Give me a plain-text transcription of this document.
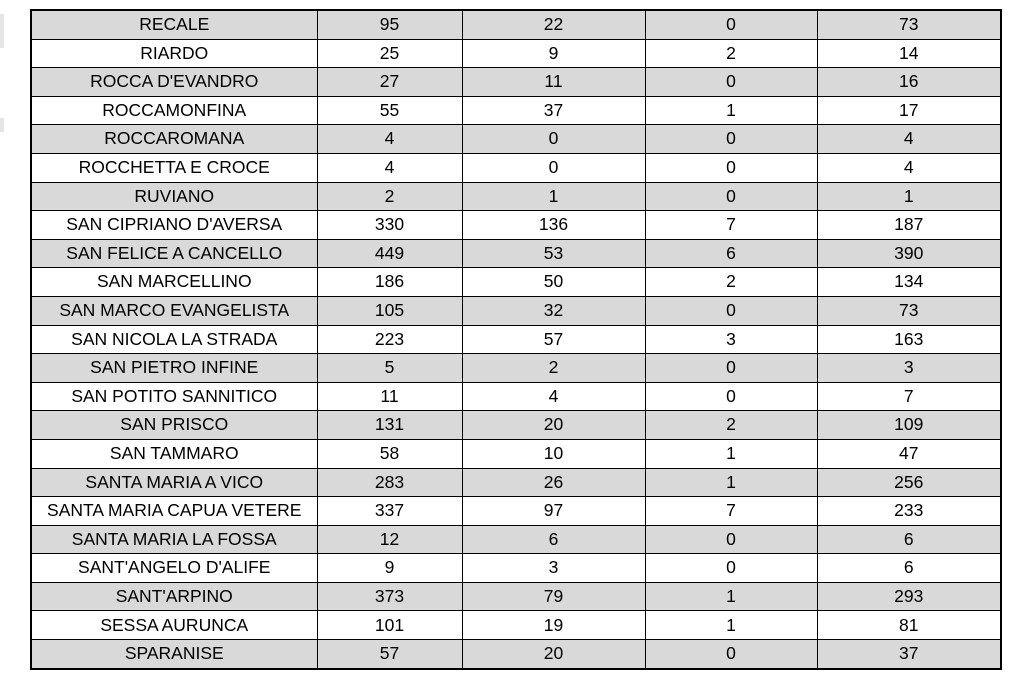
RECALE	95	22	0	73
RIARDO	25	9	2	14
ROCCA D'EVANDRO	27	11	0	16
ROCCAMONFINA	55	37	1	17
ROCCAROMANA	4	0	0	4
ROCCHETTA E CROCE	4	0	0	4
RUVIANO	2	1	0	1
SAN CIPRIANO D'AVERSA	330	136	7	187
SAN FELICE A CANCELLO	449	53	6	390
SAN MARCELLINO	186	50	2	134
SAN MARCO EVANGELISTA	105	32	0	73
SAN NICOLA LA STRADA	223	57	3	163
SAN PIETRO INFINE	5	2	0	3
SAN POTITO SANNITICO	11	4	0	7
SAN PRISCO	131	20	2	109
SAN TAMMARO	58	10	1	47
SANTA MARIA A VICO	283	26	1	256
SANTA MARIA CAPUA VETERE	337	97	7	233
SANTA MARIA LA FOSSA	12	6	0	6
SANT'ANGELO D'ALIFE	9	3	0	6
SANT'ARPINO	373	79	1	293
SESSA AURUNCA	101	19	1	81
SPARANISE	57	20	0	37
